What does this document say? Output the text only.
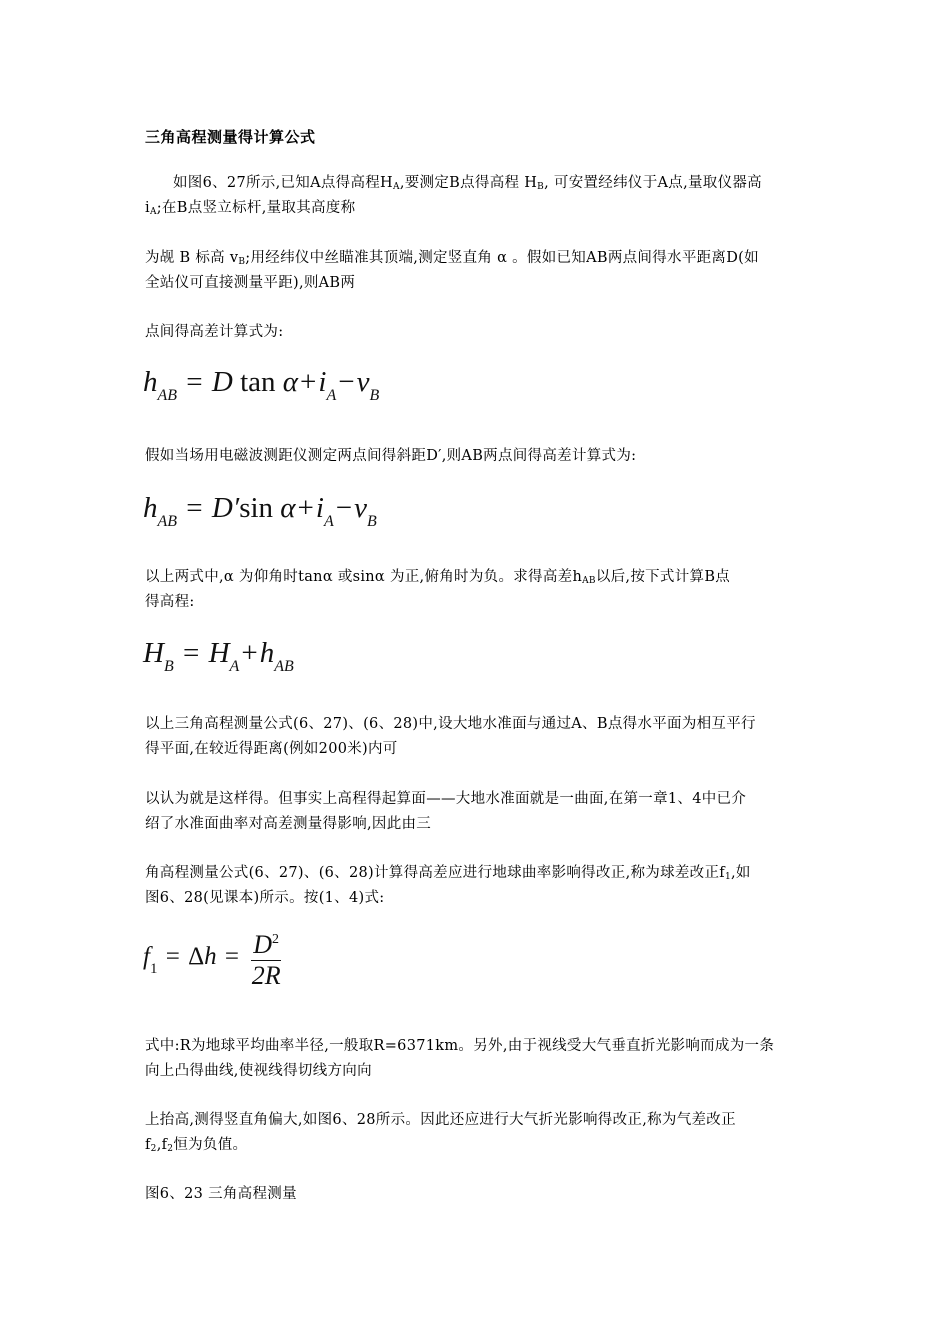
三角高程测量得计算公式
如图6、27所示,已知A点得高程$H_A$,要测定B点得高程 $H_B$, 可安置经纬仪于A点,量取仪器高
$i_A$;在B点竖立标杆,量取其高度称
为觇 B 标高 $v_B$;用经纬仪中丝瞄准其顶端,测定竖直角 α 。假如已知AB两点间得水平距离D(如
全站仪可直接测量平距),则AB两
点间得高差计算式为:
$h_{AB} = D$ $\tan \alpha+i_A-v_B$
假如当场用电磁波测距仪测定两点间得斜距D′,则AB两点间得高差计算式为:
$h_{AB} = D'\sin$ $\alpha+i_A-v_B$
以上两式中,α 为仰角时tanα 或sinα 为正,俯角时为负。求得高差$h_{AB}$以后,按下式计算B点
得高程:
$H_B = H_A+h_{AB}$
以上三角高程测量公式(6、27)、(6、28)中,设大地水准面与通过A、B点得水平面为相互平行
得平面,在较近得距离(例如200米)内可
以认为就是这样得。但事实上高程得起算面——大地水准面就是一曲面,在第一章1、4中已介
绍了水准面曲率对高差测量得影响,因此由三
角高程测量公式(6、27)、(6、28)计算得高差应进行地球曲率影响得改正,称为球差改正$f_1$,如
图6、28(见课本)所示。按(1、4)式:
$f_1 = \Delta h = \frac{D^2}{2R}$
式中:R为地球平均曲率半径,一般取R=6371km。另外,由于视线受大气垂直折光影响而成为一条
向上凸得曲线,使视线得切线方向向
上抬高,测得竖直角偏大,如图6、28所示。因此还应进行大气折光影响得改正,称为气差改正
$f_2,f_2$恒为负值。
图6、23 三角高程测量
